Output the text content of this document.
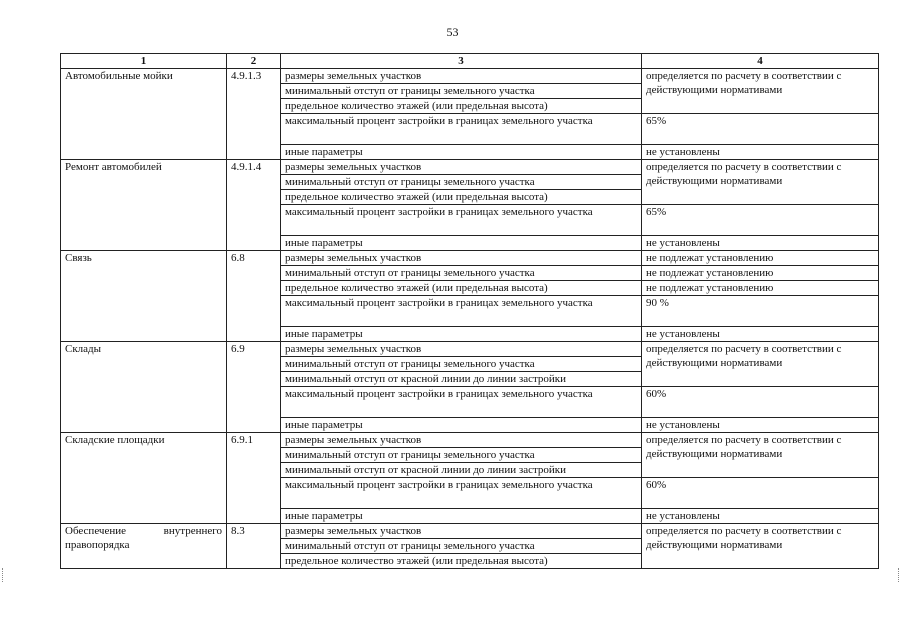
53
1	2	3	4

Автомобильные мойки	4.9.1.3	размеры земельных участков	определяется по расчету в соответствии с действующими нормативами
		минимальный отступ от границы земельного участка	
		предельное количество этажей (или предельная высота)	
		максимальный процент застройки в границах земельного участка	65%
		иные параметры	не установлены

Ремонт автомобилей	4.9.1.4	размеры земельных участков	определяется по расчету в соответствии с действующими нормативами
		минимальный отступ от границы земельного участка	
		предельное количество этажей (или предельная высота)	
		максимальный процент застройки в границах земельного участка	65%
		иные параметры	не установлены

Связь	6.8	размеры земельных участков	не подлежат установлению
		минимальный отступ от границы земельного участка	не подлежат установлению
		предельное количество этажей (или предельная высота)	не подлежат установлению
		максимальный процент застройки в границах земельного участка	90 %
		иные параметры	не установлены

Склады	6.9	размеры земельных участков	определяется по расчету в соответствии с действующими нормативами
		минимальный отступ от границы земельного участка	
		минимальный отступ от красной линии до линии застройки	
		максимальный процент застройки в границах земельного участка	60%
		иные параметры	не установлены

Складские площадки	6.9.1	размеры земельных участков	определяется по расчету в соответствии с действующими нормативами
		минимальный отступ от границы земельного участка	
		минимальный отступ от красной линии до линии застройки	
		максимальный процент застройки в границах земельного участка	60%
		иные параметры	не установлены

Обеспечение внутреннего правопорядка	8.3	размеры земельных участков	определяется по расчету в соответствии с действующими нормативами
		минимальный отступ от границы земельного участка	
		предельное количество этажей (или предельная высота)	
